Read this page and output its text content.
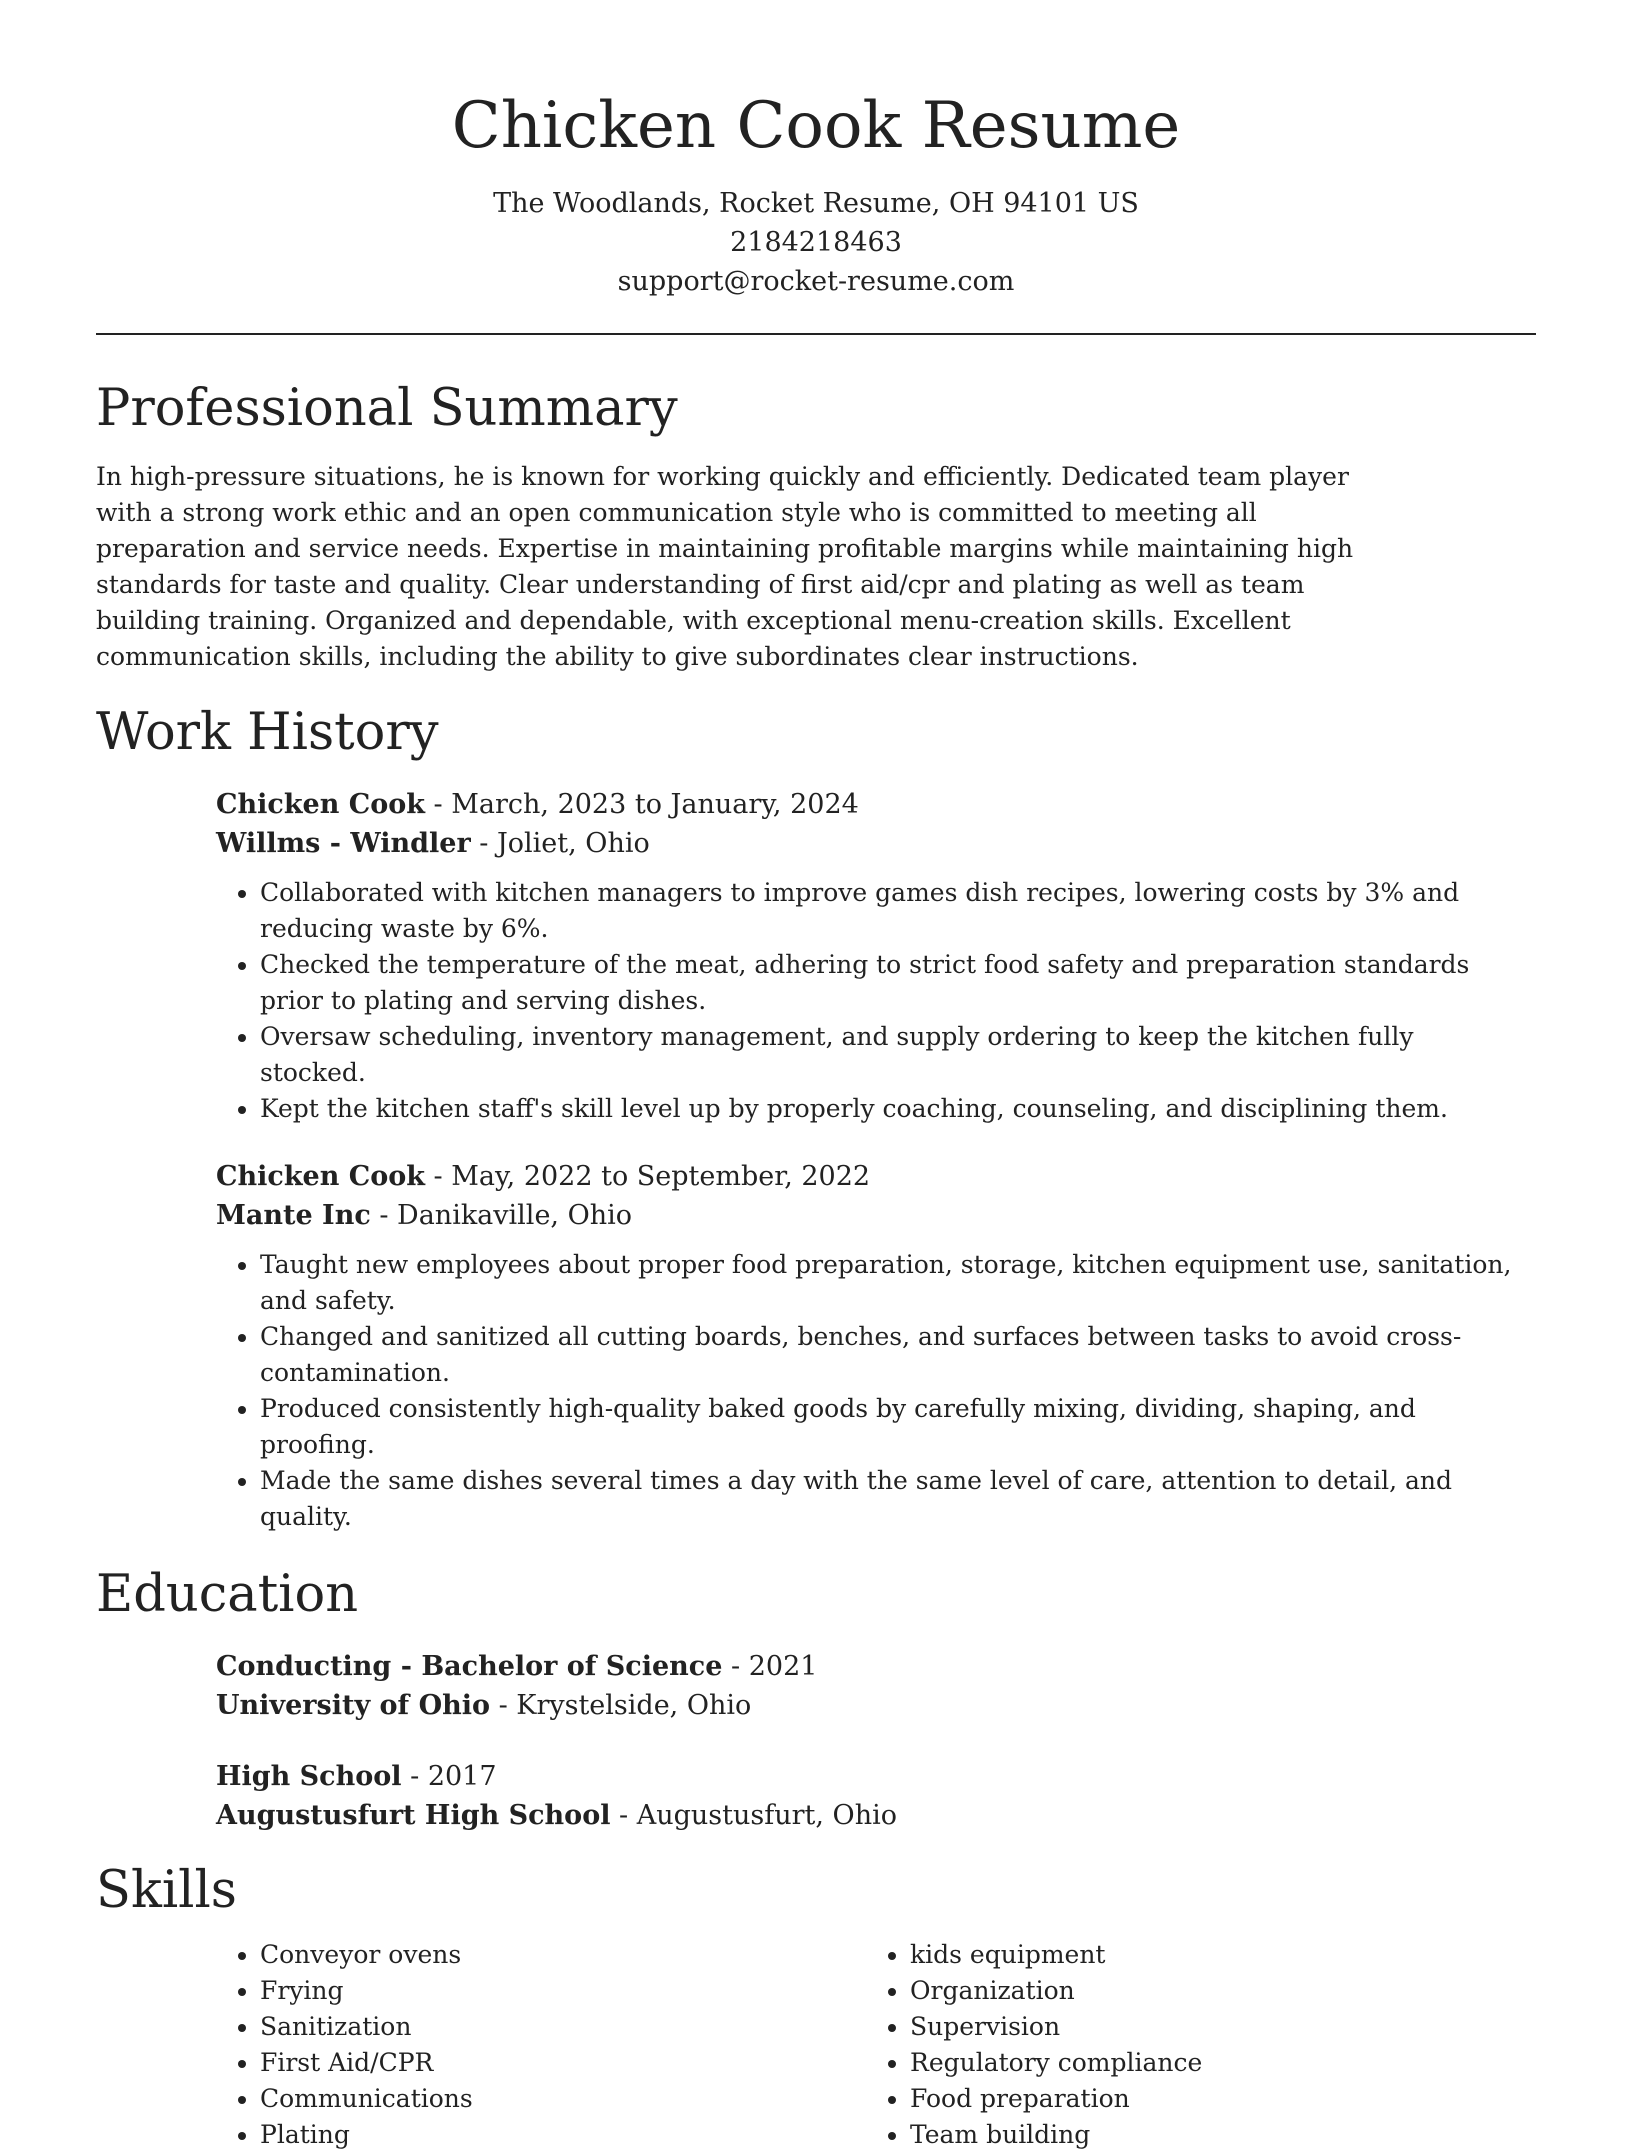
Chicken Cook Resume
The Woodlands, Rocket Resume, OH 94101 US
2184218463
support@rocket-resume.com
Professional Summary

In high-pressure situations, he is known for working quickly and efficiently. Dedicated team player with a strong work ethic and an open communication style who is committed to meeting all preparation and service needs. Expertise in maintaining profitable margins while maintaining high standards for taste and quality. Clear understanding of first aid/cpr and plating as well as team building training. Organized and dependable, with exceptional menu-creation skills. Excellent communication skills, including the ability to give subordinates clear instructions.

Work History
Chicken Cook - March, 2023 to January, 2024
Willms - Windler - Joliet, Ohio
• Collaborated with kitchen managers to improve games dish recipes, lowering costs by 3% and reducing waste by 6%.
• Checked the temperature of the meat, adhering to strict food safety and preparation standards prior to plating and serving dishes.
• Oversaw scheduling, inventory management, and supply ordering to keep the kitchen fully stocked.
• Kept the kitchen staff's skill level up by properly coaching, counseling, and disciplining them.
Chicken Cook - May, 2022 to September, 2022
Mante Inc - Danikaville, Ohio
• Taught new employees about proper food preparation, storage, kitchen equipment use, sanitation, and safety.
• Changed and sanitized all cutting boards, benches, and surfaces between tasks to avoid cross-contamination.
• Produced consistently high-quality baked goods by carefully mixing, dividing, shaping, and proofing.
• Made the same dishes several times a day with the same level of care, attention to detail, and quality.
Education
Conducting - Bachelor of Science - 2021
University of Ohio - Krystelside, Ohio
High School - 2017
Augustusfurt High School - Augustusfurt, Ohio
Skills
• Conveyor ovens
• Frying
• Sanitization
• First Aid/CPR
• Communications
• Plating
• kids equipment
• Organization
• Supervision
• Regulatory compliance
• Food preparation
• Team building
